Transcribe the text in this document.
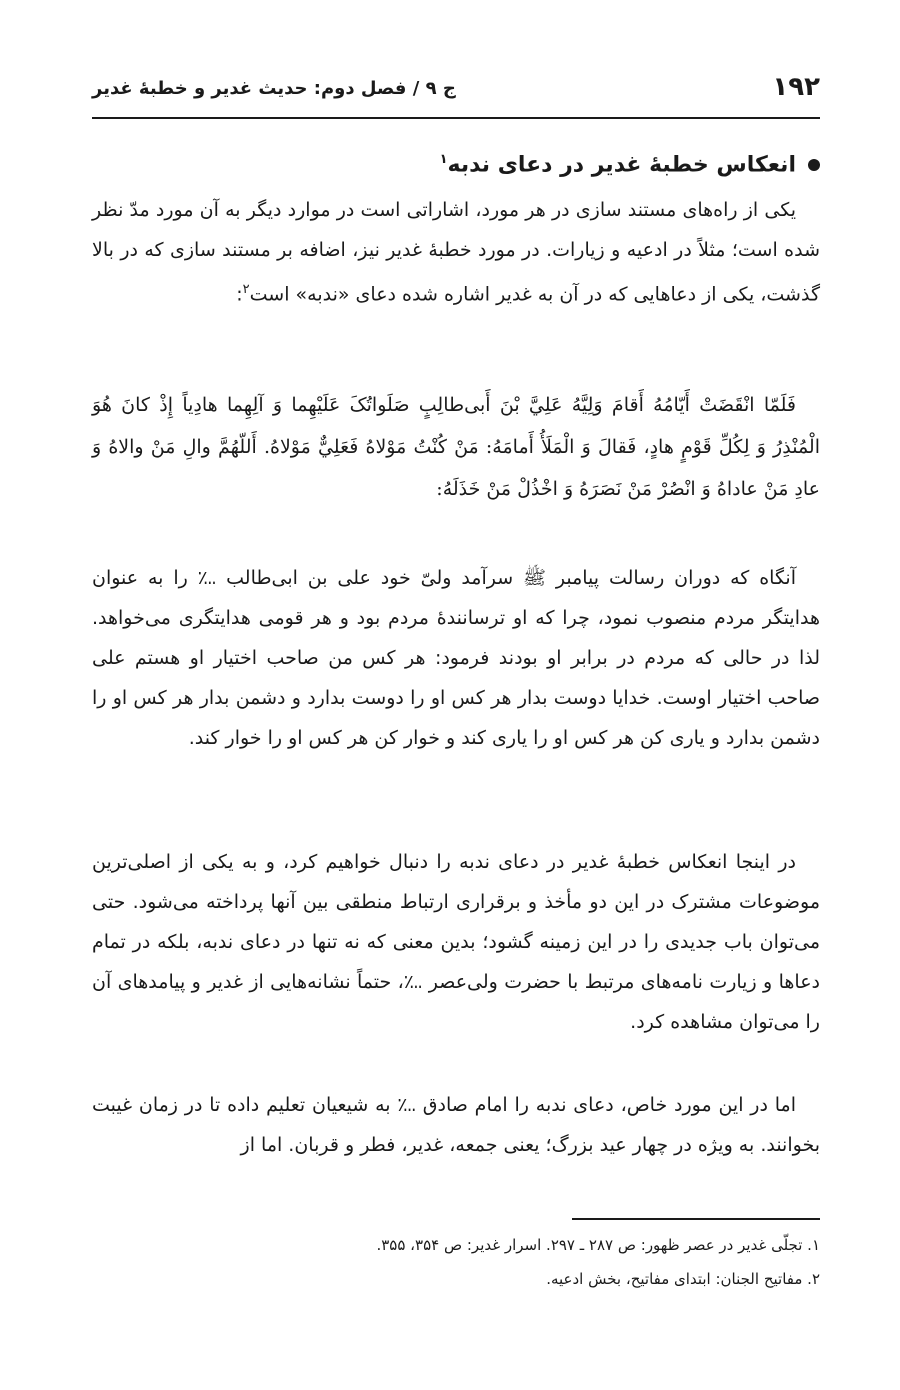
۱۹۲
ج ۹ / فصل دوم: حدیث غدیر و خطبهٔ غدیر
انعکاس خطبهٔ غدیر در دعای ندبه$^۱$
یکی از راه‌های مستند سازی در هر مورد، اشاراتی است در موارد دیگر به آن مورد مدّ نظر شده است؛ مثلاً در ادعیه و زیارات. در مورد خطبهٔ غدیر نیز، اضافه بر مستند سازی که در بالا گذشت، یکی از دعاهایی که در آن به غدیر اشاره شده دعای «ندبه» است$^۲$:
فَلَمّا انْقَضَتْ أَيّامُهُ أَقامَ وَلِيَّهُ عَلِيَّ بْنَ أَبی‌طالِبٍ صَلَواتُکَ عَلَيْهِما وَ آلِهِما هادِياً إِذْ کانَ هُوَ الْمُنْذِرُ وَ لِکُلِّ قَوْمٍ هادٍ، فَقالَ وَ الْمَلَأُ أَمامَهُ: مَنْ کُنْتُ مَوْلاهُ فَعَلِيٌّ مَوْلاهُ. أَللّهُمَّ والِ مَنْ والاهُ وَ عادِ مَنْ عاداهُ وَ انْصُرْ مَنْ نَصَرَهُ وَ اخْذُلْ مَنْ خَذَلَهُ:
آنگاه که دوران رسالت پیامبر ﷺ سرآمد ولیّ خود علی بن ابی‌طالب ؊ را به عنوان هدایتگر مردم منصوب نمود، چرا که او ترسانندهٔ مردم بود و هر قومی هدایتگری می‌خواهد. لذا در حالی که مردم در برابر او بودند فرمود: هر کس من صاحب اختیار او هستم علی صاحب اختیار اوست. خدایا دوست بدار هر کس او را دوست بدارد و دشمن بدار هر کس او را دشمن بدارد و یاری کن هر کس او را یاری کند و خوار کن هر کس او را خوار کند.
در اینجا انعکاس خطبهٔ غدیر در دعای ندبه را دنبال خواهیم کرد، و به یکی از اصلی‌ترین موضوعات مشترک در این دو مأخذ و برقراری ارتباط منطقی بین آنها پرداخته می‌شود. حتی می‌توان باب جدیدی را در این زمینه گشود؛ بدین معنی که نه تنها در دعای ندبه، بلکه در تمام دعاها و زیارت نامه‌های مرتبط با حضرت ولی‌عصر ؊، حتماً نشانه‌هایی از غدیر و پیامدهای آن را می‌توان مشاهده کرد.
اما در این مورد خاص، دعای ندبه را امام صادق ؊ به شیعیان تعلیم داده تا در زمان غیبت بخوانند. به ویژه در چهار عید بزرگ؛ یعنی جمعه، غدیر، فطر و قربان. اما از
۱. تجلّی غدیر در عصر ظهور: ص ۲۸۷ ـ ۲۹۷. اسرار غدیر: ص ۳۵۴، ۳۵۵.
۲. مفاتیح الجنان: ابتدای مفاتیح، بخش ادعیه.
